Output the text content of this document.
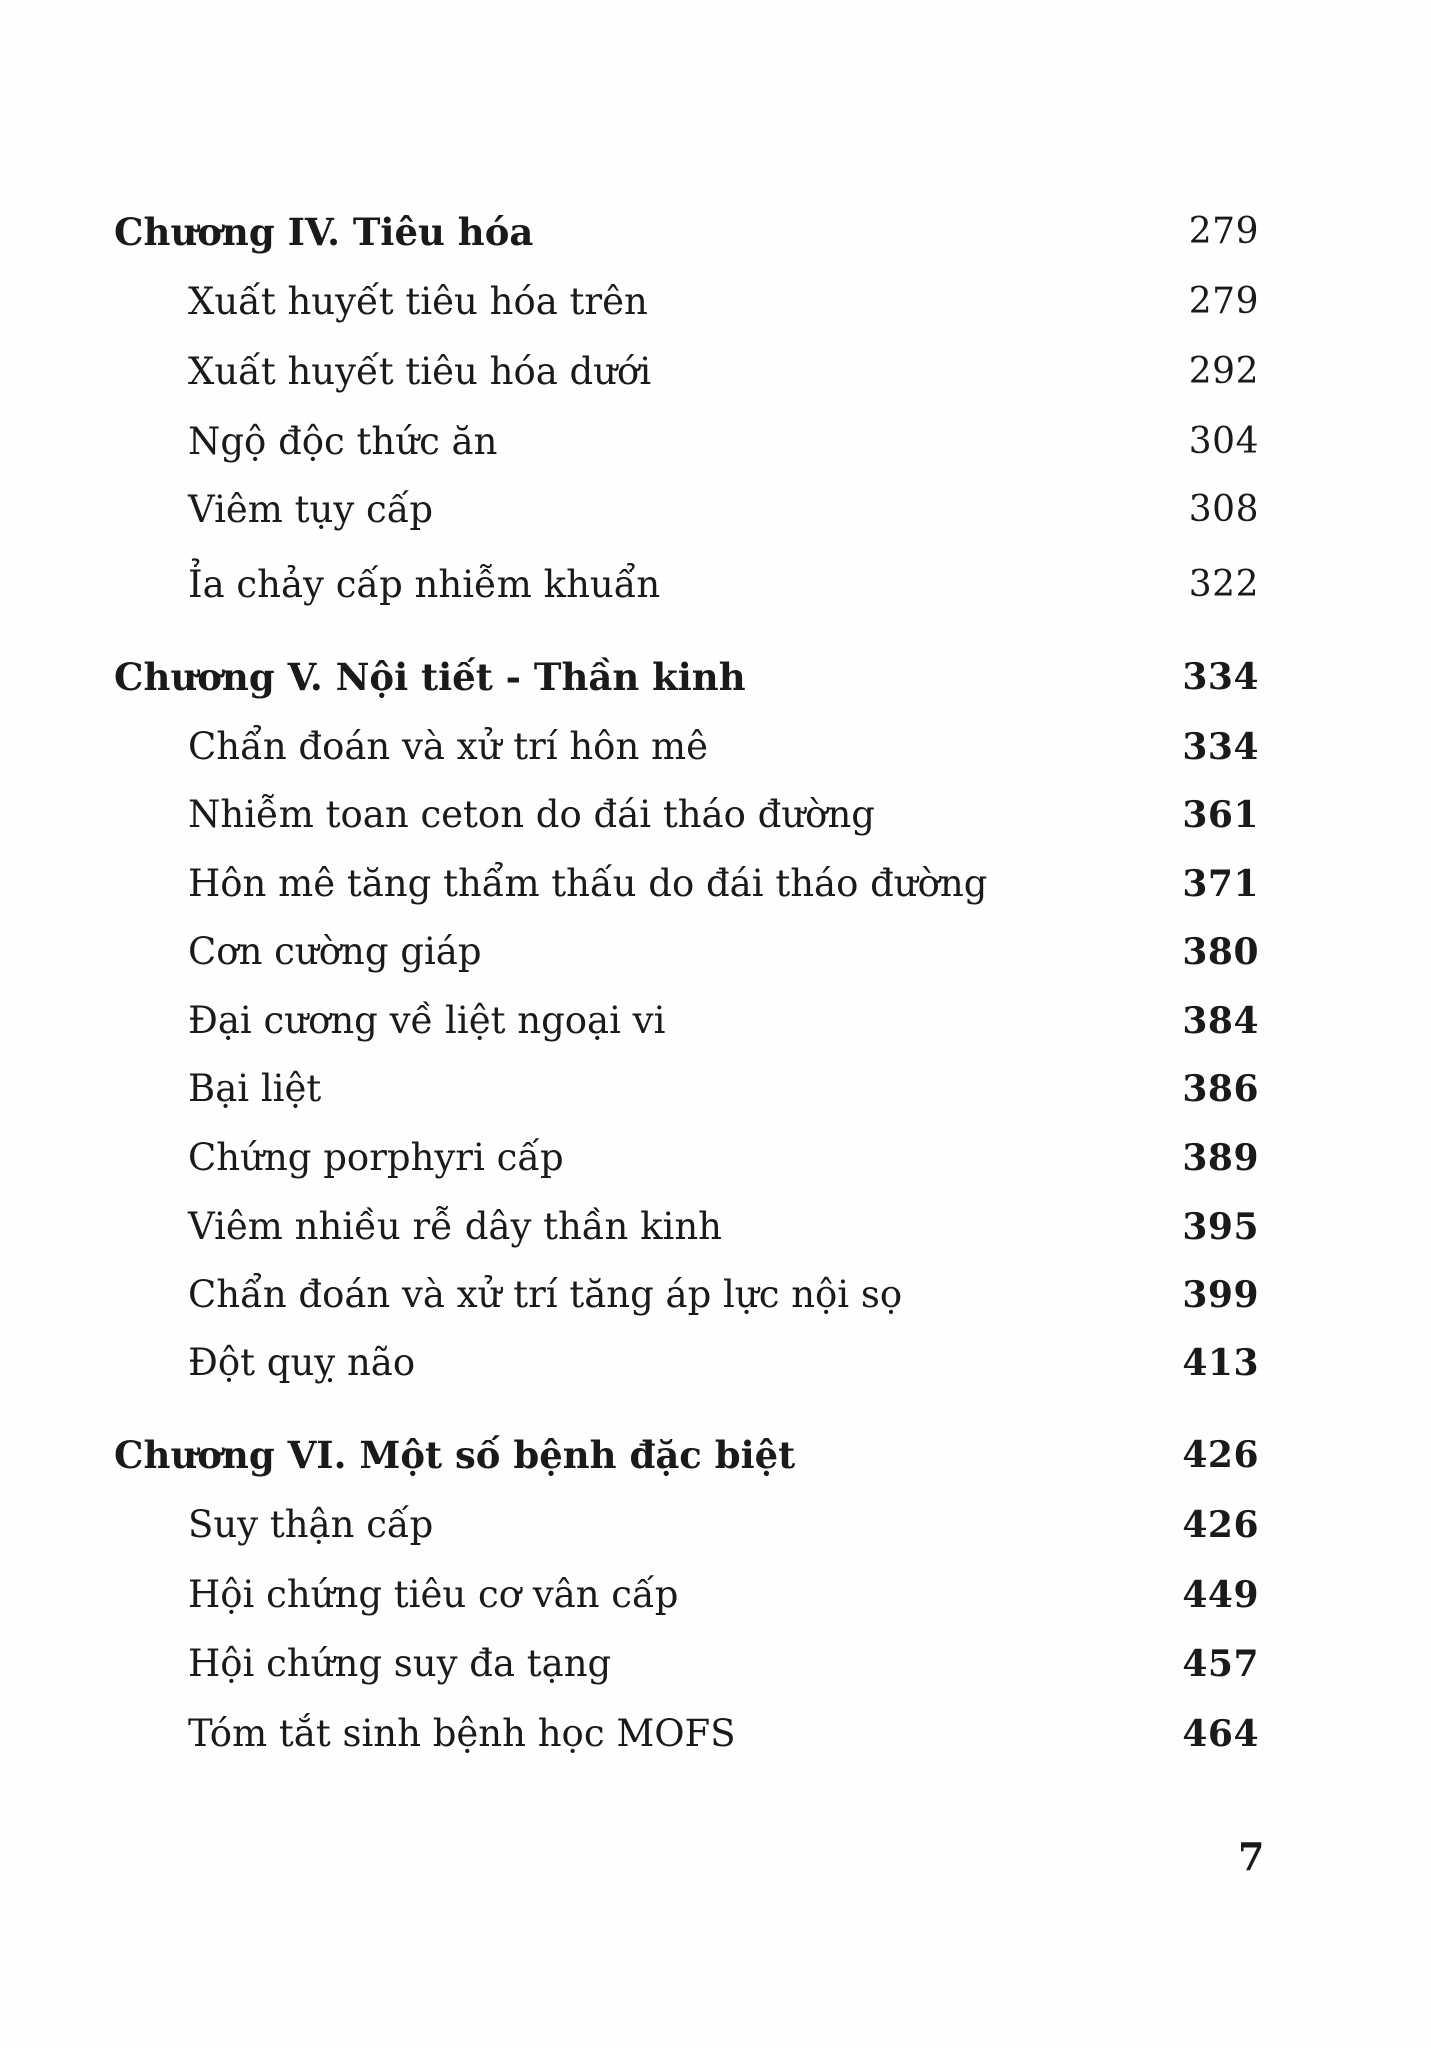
Chương IV. Tiêu hóa	279
Xuất huyết tiêu hóa trên	279
Xuất huyết tiêu hóa dưới	292
Ngộ độc thức ăn	304
Viêm tụy cấp	308
Ỉa chảy cấp nhiễm khuẩn	322
Chương V. Nội tiết - Thần kinh	334
Chẩn đoán và xử trí hôn mê	334
Nhiễm toan ceton do đái tháo đường	361
Hôn mê tăng thẩm thấu do đái tháo đường	371
Cơn cường giáp	380
Đại cương về liệt ngoại vi	384
Bại liệt	386
Chứng porphyri cấp	389
Viêm nhiều rễ dây thần kinh	395
Chẩn đoán và xử trí tăng áp lực nội sọ	399
Đột quỵ não	413
Chương VI. Một số bệnh đặc biệt	426
Suy thận cấp	426
Hội chứng tiêu cơ vân cấp	449
Hội chứng suy đa tạng	457
Tóm tắt sinh bệnh học MOFS	464
7
